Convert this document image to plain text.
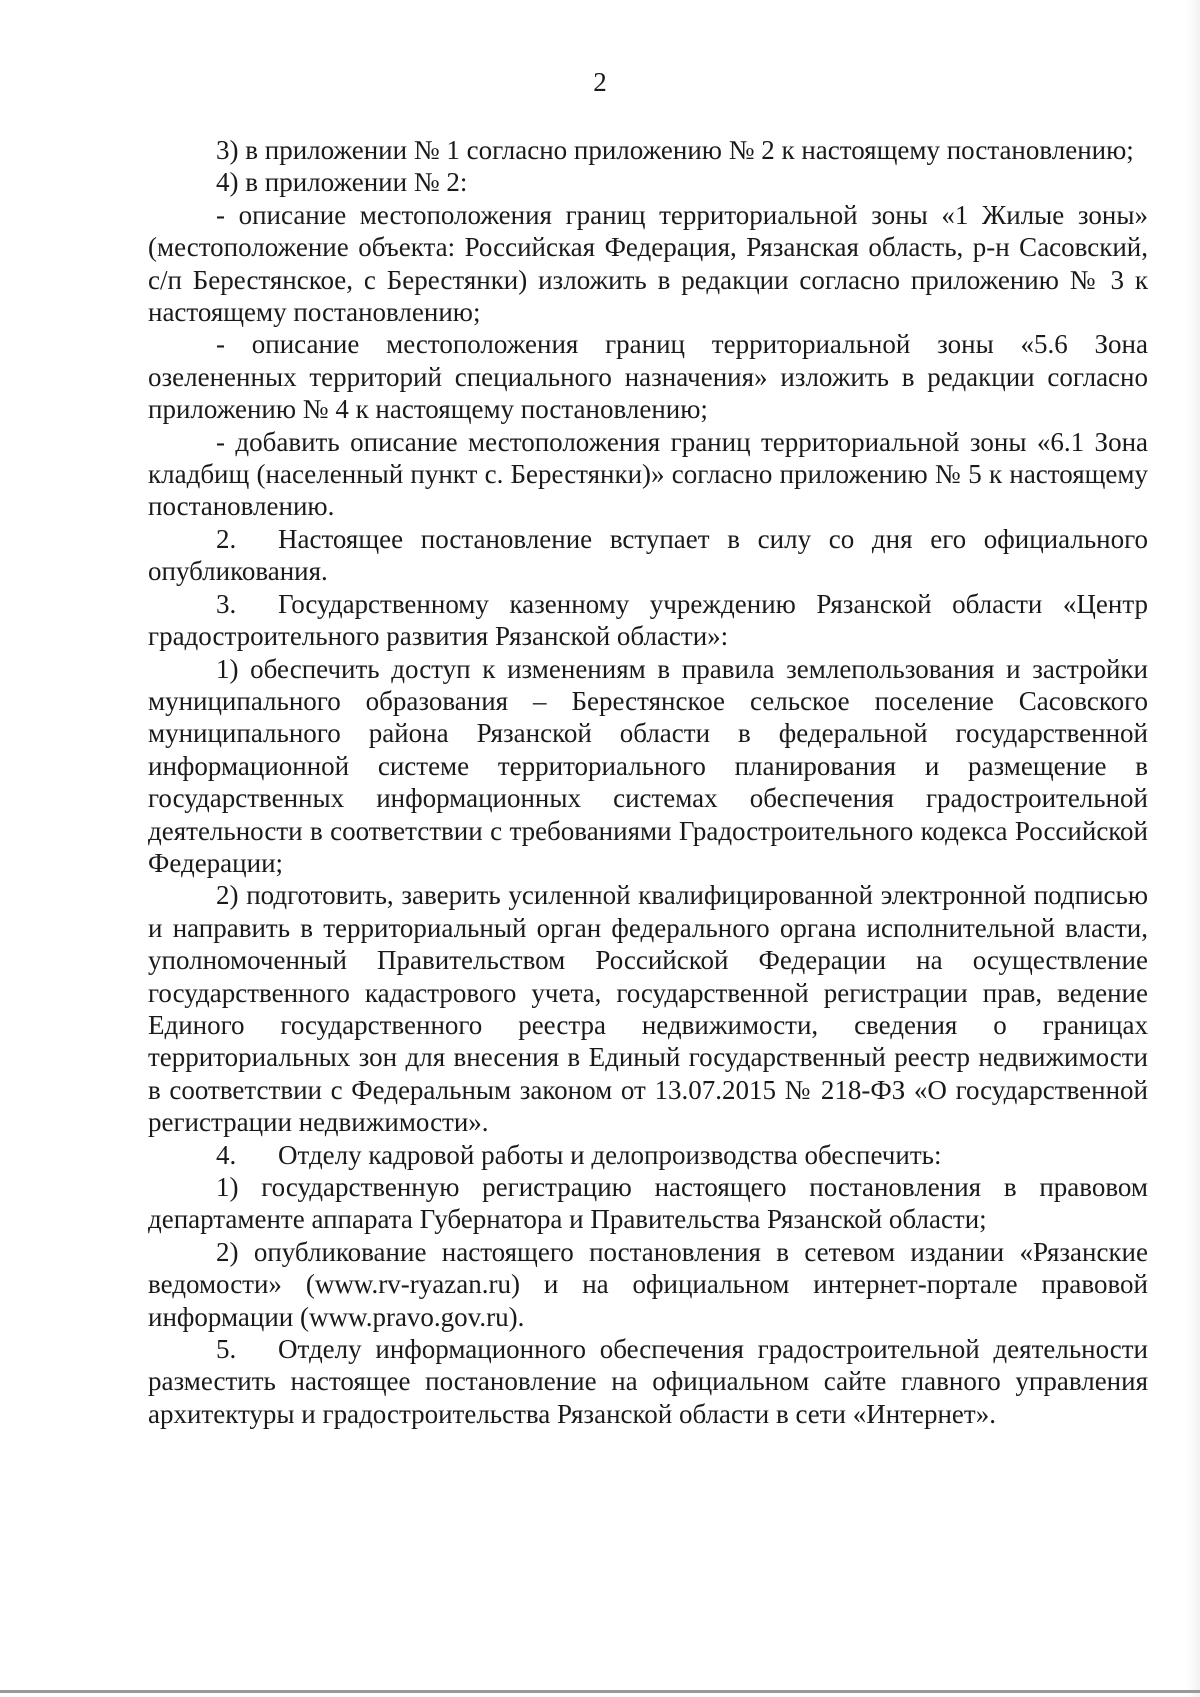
2

3) в приложении № 1 согласно приложению № 2 к настоящему постановлению;

4) в приложении № 2:

- описание местоположения границ территориальной зоны «1 Жилые зоны» (местоположение объекта: Российская Федерация, Рязанская область, р-н Сасовский, с/п Берестянское, с Берестянки) изложить в редакции согласно приложению № 3 к настоящему постановлению;

- описание местоположения границ территориальной зоны «5.6 Зона озелененных территорий специального назначения» изложить в редакции согласно приложению № 4 к настоящему постановлению;

- добавить описание местоположения границ территориальной зоны «6.1 Зона кладбищ (населенный пункт с. Берестянки)» согласно приложению № 5 к настоящему постановлению.

2. Настоящее постановление вступает в силу со дня его официального опубликования.

3. Государственному казенному учреждению Рязанской области «Центр градостроительного развития Рязанской области»:

1) обеспечить доступ к изменениям в правила землепользования и застройки муниципального образования – Берестянское сельское поселение Сасовского муниципального района Рязанской области в федеральной государственной информационной системе территориального планирования и размещение в государственных информационных системах обеспечения градостроительной деятельности в соответствии с требованиями Градостроительного кодекса Российской Федерации;

2) подготовить, заверить усиленной квалифицированной электронной подписью и направить в территориальный орган федерального органа исполнительной власти, уполномоченный Правительством Российской Федерации на осуществление государственного кадастрового учета, государственной регистрации прав, ведение Единого государственного реестра недвижимости, сведения о границах территориальных зон для внесения в Единый государственный реестр недвижимости в соответствии с Федеральным законом от 13.07.2015 № 218-ФЗ «О государственной регистрации недвижимости».

4. Отделу кадровой работы и делопроизводства обеспечить:

1) государственную регистрацию настоящего постановления в правовом департаменте аппарата Губернатора и Правительства Рязанской области;

2) опубликование настоящего постановления в сетевом издании «Рязанские ведомости» (www.rv-ryazan.ru) и на официальном интернет-портале правовой информации (www.pravo.gov.ru).

5. Отделу информационного обеспечения градостроительной деятельности разместить настоящее постановление на официальном сайте главного управления архитектуры и градостроительства Рязанской области в сети «Интернет».
